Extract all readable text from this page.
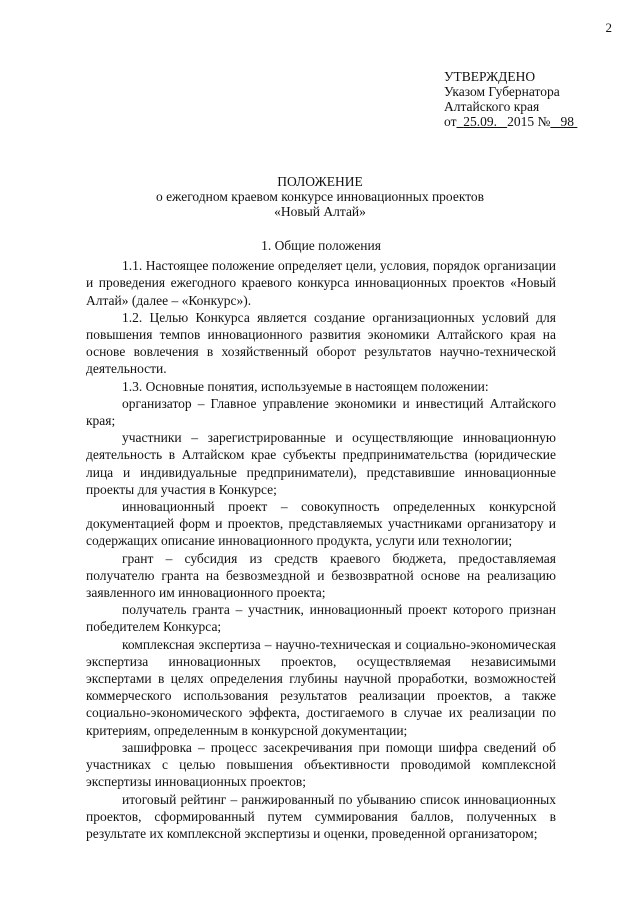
2
УТВЕРЖДЕНО
Указом Губернатора
Алтайского края
от 25.09. 2015 № 98
ПОЛОЖЕНИЕ
о ежегодном краевом конкурсе инновационных проектов
«Новый Алтай»
1. Общие положения

1.1. Настоящее положение определяет цели, условия, порядок организации и проведения ежегодного краевого конкурса инновационных проектов «Новый Алтай» (далее – «Конкурс»).

1.2. Целью Конкурса является создание организационных условий для повышения темпов инновационного развития экономики Алтайского края на основе вовлечения в хозяйственный оборот результатов научно-технической деятельности.

1.3. Основные понятия, используемые в настоящем положении:

организатор – Главное управление экономики и инвестиций Алтайского края;

участники – зарегистрированные и осуществляющие инновационную деятельность в Алтайском крае субъекты предпринимательства (юридические лица и индивидуальные предприниматели), представившие инновационные проекты для участия в Конкурсе;

инновационный проект – совокупность определенных конкурсной документацией форм и проектов, представляемых участниками организатору и содержащих описание инновационного продукта, услуги или технологии;

грант – субсидия из средств краевого бюджета, предоставляемая получателю гранта на безвозмездной и безвозвратной основе на реализацию заявленного им инновационного проекта;

получатель гранта – участник, инновационный проект которого признан победителем Конкурса;

комплексная экспертиза – научно-техническая и социально-экономическая экспертиза инновационных проектов, осуществляемая независимыми экспертами в целях определения глубины научной проработки, возможностей коммерческого использования результатов реализации проектов, а также социально-экономического эффекта, достигаемого в случае их реализации по критериям, определенным в конкурсной документации;

зашифровка – процесс засекречивания при помощи шифра сведений об участниках с целью повышения объективности проводимой комплексной экспертизы инновационных проектов;

итоговый рейтинг – ранжированный по убыванию список инновационных проектов, сформированный путем суммирования баллов, полученных в результате их комплексной экспертизы и оценки, проведенной организатором;
